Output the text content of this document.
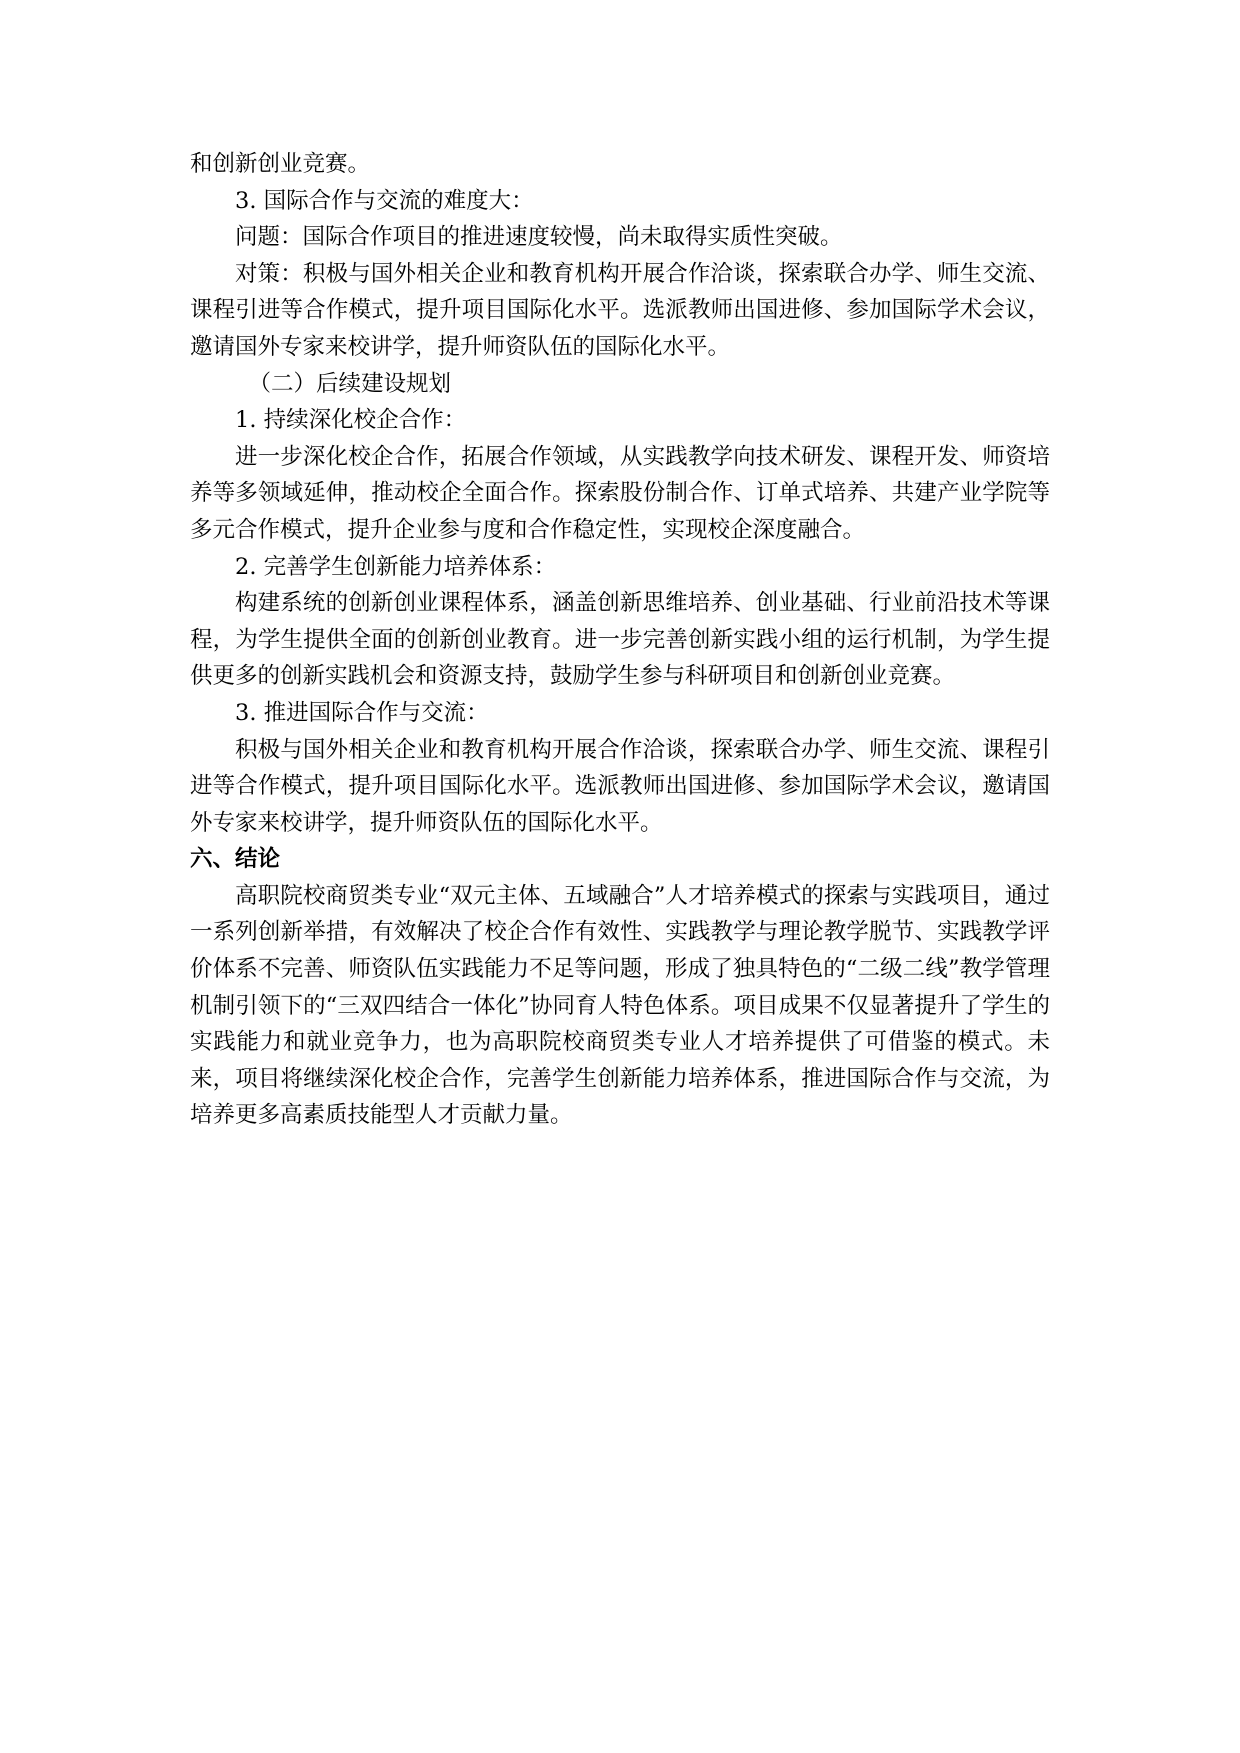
和创新创业竞赛。

3. 国际合作与交流的难度大：

问题：国际合作项目的推进速度较慢，尚未取得实质性突破。

对策：积极与国外相关企业和教育机构开展合作洽谈，探索联合办学、师生交流、课程引进等合作模式，提升项目国际化水平。选派教师出国进修、参加国际学术会议，邀请国外专家来校讲学，提升师资队伍的国际化水平。

（二）后续建设规划

1. 持续深化校企合作：

进一步深化校企合作，拓展合作领域，从实践教学向技术研发、课程开发、师资培养等多领域延伸，推动校企全面合作。探索股份制合作、订单式培养、共建产业学院等多元合作模式，提升企业参与度和合作稳定性，实现校企深度融合。

2. 完善学生创新能力培养体系：

构建系统的创新创业课程体系，涵盖创新思维培养、创业基础、行业前沿技术等课程，为学生提供全面的创新创业教育。进一步完善创新实践小组的运行机制，为学生提供更多的创新实践机会和资源支持，鼓励学生参与科研项目和创新创业竞赛。

3. 推进国际合作与交流：

积极与国外相关企业和教育机构开展合作洽谈，探索联合办学、师生交流、课程引进等合作模式，提升项目国际化水平。选派教师出国进修、参加国际学术会议，邀请国外专家来校讲学，提升师资队伍的国际化水平。

六、结论

高职院校商贸类专业“双元主体、五域融合”人才培养模式的探索与实践项目，通过一系列创新举措，有效解决了校企合作有效性、实践教学与理论教学脱节、实践教学评价体系不完善、师资队伍实践能力不足等问题，形成了独具特色的“二级二线”教学管理机制引领下的“三双四结合一体化”协同育人特色体系。项目成果不仅显著提升了学生的实践能力和就业竞争力，也为高职院校商贸类专业人才培养提供了可借鉴的模式。未来，项目将继续深化校企合作，完善学生创新能力培养体系，推进国际合作与交流，为培养更多高素质技能型人才贡献力量。
